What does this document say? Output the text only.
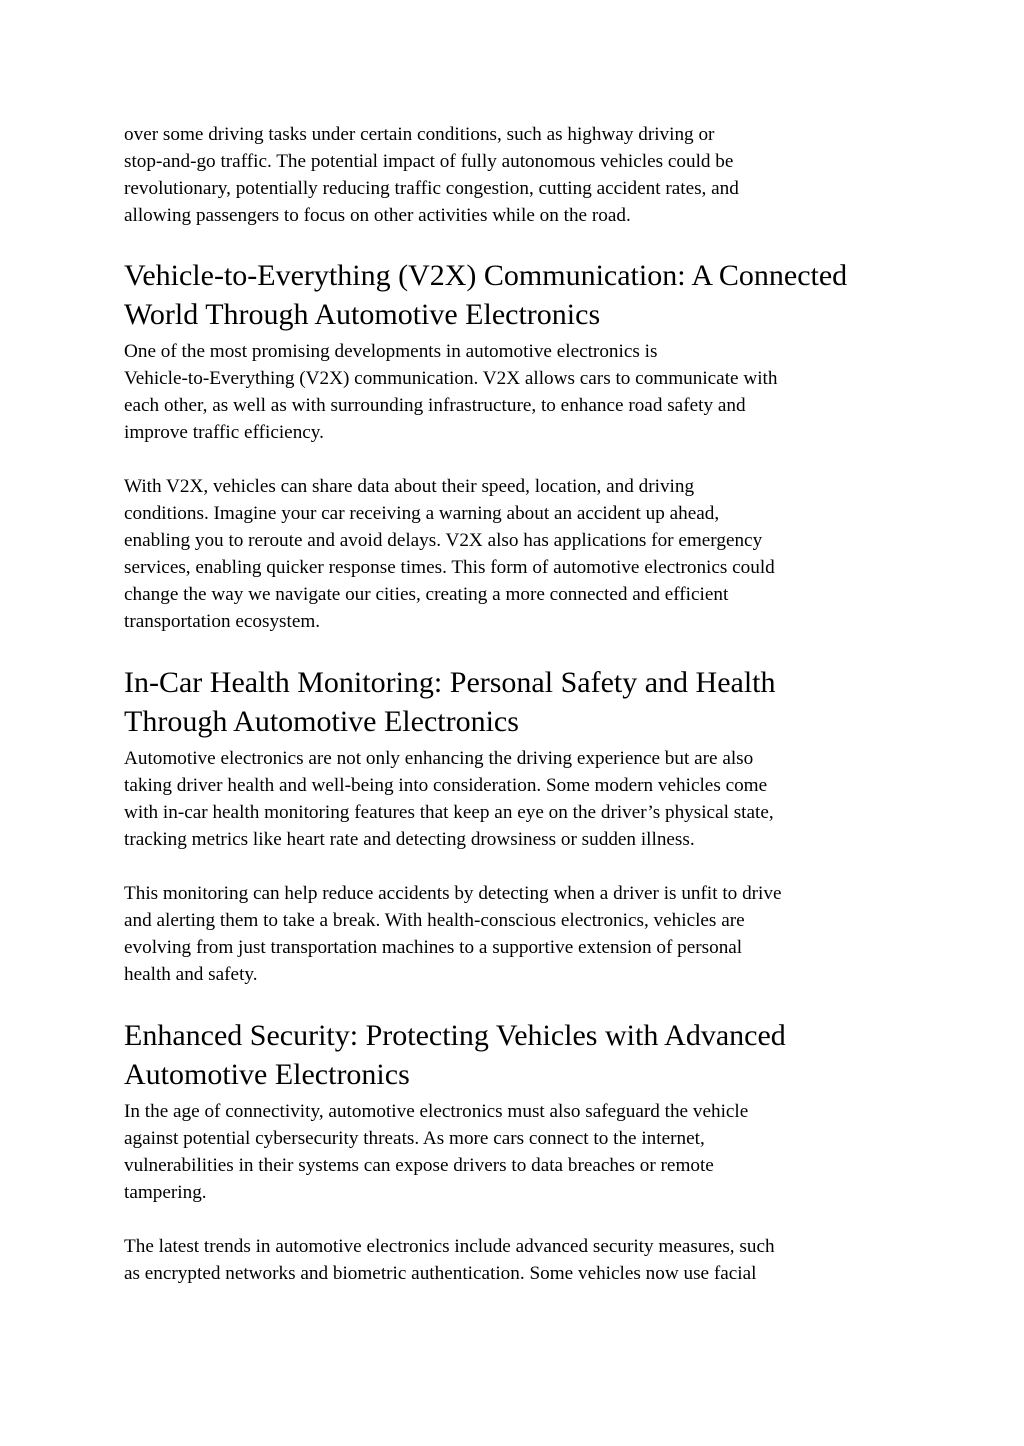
over some driving tasks under certain conditions, such as highway driving or
stop-and-go traffic. The potential impact of fully autonomous vehicles could be
revolutionary, potentially reducing traffic congestion, cutting accident rates, and
allowing passengers to focus on other activities while on the road.

Vehicle-to-Everything (V2X) Communication: A Connected
World Through Automotive Electronics

One of the most promising developments in automotive electronics is
Vehicle-to-Everything (V2X) communication. V2X allows cars to communicate with
each other, as well as with surrounding infrastructure, to enhance road safety and
improve traffic efficiency.

With V2X, vehicles can share data about their speed, location, and driving
conditions. Imagine your car receiving a warning about an accident up ahead,
enabling you to reroute and avoid delays. V2X also has applications for emergency
services, enabling quicker response times. This form of automotive electronics could
change the way we navigate our cities, creating a more connected and efficient
transportation ecosystem.

In-Car Health Monitoring: Personal Safety and Health
Through Automotive Electronics

Automotive electronics are not only enhancing the driving experience but are also
taking driver health and well-being into consideration. Some modern vehicles come
with in-car health monitoring features that keep an eye on the driver’s physical state,
tracking metrics like heart rate and detecting drowsiness or sudden illness.

This monitoring can help reduce accidents by detecting when a driver is unfit to drive
and alerting them to take a break. With health-conscious electronics, vehicles are
evolving from just transportation machines to a supportive extension of personal
health and safety.

Enhanced Security: Protecting Vehicles with Advanced
Automotive Electronics

In the age of connectivity, automotive electronics must also safeguard the vehicle
against potential cybersecurity threats. As more cars connect to the internet,
vulnerabilities in their systems can expose drivers to data breaches or remote
tampering.

The latest trends in automotive electronics include advanced security measures, such
as encrypted networks and biometric authentication. Some vehicles now use facial
